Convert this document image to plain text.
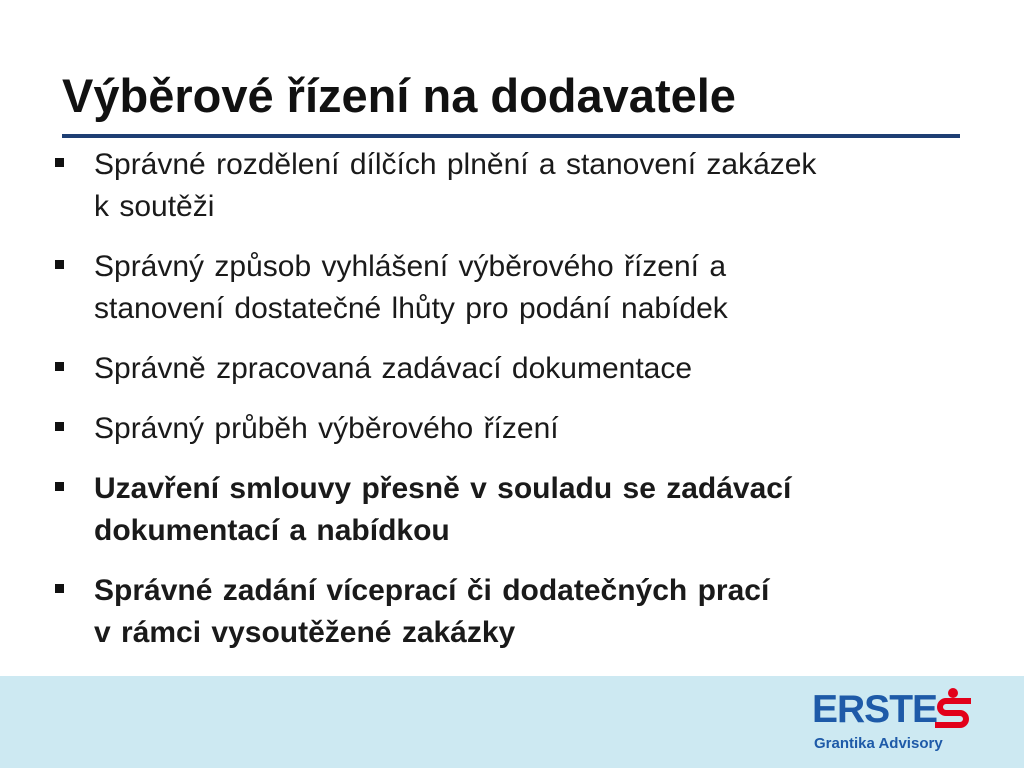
Výběrové řízení na dodavatele
Správné rozdělení dílčích plnění a stanovení zakázek
k soutěži
Správný způsob vyhlášení výběrového řízení a
stanovení dostatečné lhůty pro podání nabídek
Správně zpracovaná zadávací dokumentace
Správný průběh výběrového řízení
Uzavření smlouvy přesně v souladu se zadávací
dokumentací a nabídkou
Správné zadání víceprací či dodatečných prací
v rámci vysoutěžené zakázky
ERSTE
Grantika Advisory
